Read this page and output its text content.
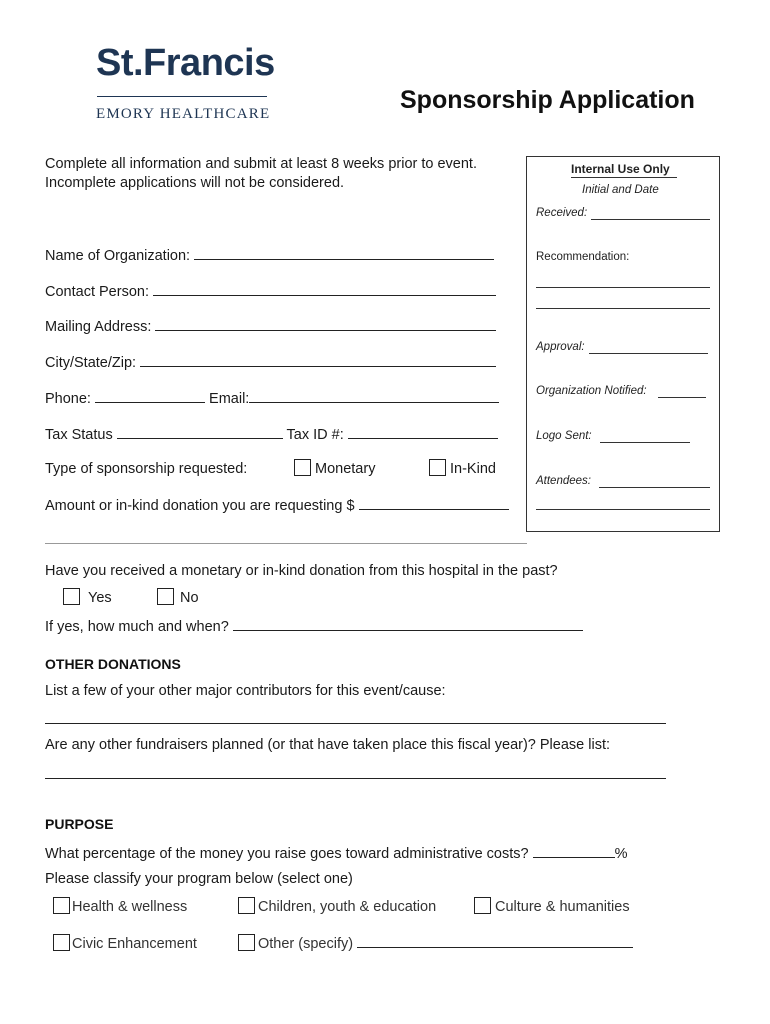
St.Francis
EMORY HEALTHCARE	Sponsorship Application
Complete all information and submit at least 8 weeks prior to event.
Incomplete applications will not be considered.
Internal Use Only
Initial and Date
Received:
Recommendation:
Approval:
Organization Notified:
Logo Sent:
Attendees:
Name of Organization:
Contact Person:
Mailing Address:
City/State/Zip:
Phone:	Email:
Tax Status	Tax ID #:
Type of sponsorship requested:	Monetary	In-Kind
Amount or in-kind donation you are requesting $
Have you received a monetary or in-kind donation from this hospital in the past?
Yes	No
If yes, how much and when?
OTHER DONATIONS
List a few of your other major contributors for this event/cause:
Are any other fundraisers planned (or that have taken place this fiscal year)? Please list:
PURPOSE
What percentage of the money you raise goes toward administrative costs?	%
Please classify your program below (select one)
Health & wellness	Children, youth & education	Culture & humanities
Civic Enhancement	Other (specify)
